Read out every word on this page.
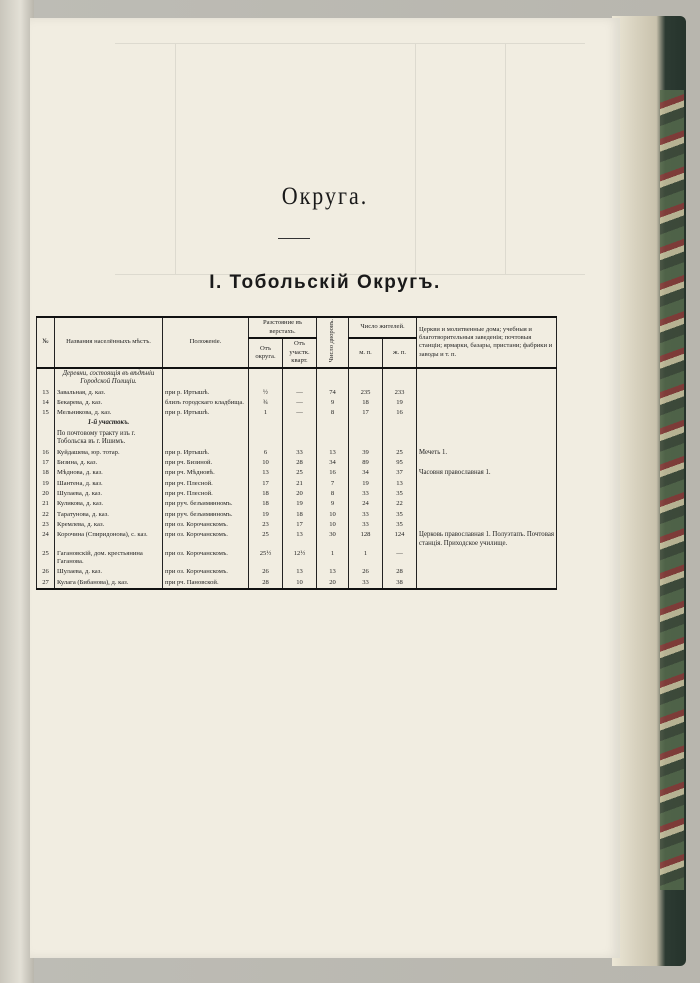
Округа.
I. Тобольскій Округъ.
№	Названия населённыхъ мѣстъ.	Положеніе.	Разстояние въ верстахъ.		Число дворовъ.	Число жителей.		Церкви и молитвенные дома; учебныя и благотворительныя заведенія; почтовыя станціи; ярмарки, базары, пристани; фабрики и заводы и т. п.
			Отъ округа.	Отъ участк. кварт.		м. п.	ж. п.	
	Деревни, состоящія въ вѣдѣніи Городской Полиціи.							
13	Завальная, д. каз.	при р. Иртышѣ.	½	—	74	235	233	
14	Бекарева, д. каз.	близъ городскаго кладбища.	¾	—	9	18	19	
15	Мельникова, д. каз.	при р. Иртышѣ.	1	—	8	17	16	
	1-й участокъ.							
	По почтовому тракту изъ г. Тобольска въ г. Ишимъ.							
16	Куйдашева, юр. тотар.	при р. Иртышѣ.	6	33	13	39	25	Мечеть 1.
17	Бизина, д. каз.	при рч. Бизиной.	10	28	34	89	95	
18	Мѣднова, д. каз.	при рч. Мѣдновѣ.	13	25	16	34	37	Часовня православная 1.
19	Шантена, д. каз.	при рч. Плесной.	17	21	7	19	13	
20	Шулаева, д. каз.	при рч. Плесной.	18	20	8	33	35	
21	Куликова, д. каз.	при руч. безъимянномъ.	18	19	9	24	22	
22	Таратунова, д. каз.	при руч. безъимянномъ.	19	18	10	33	35	
23	Кремлева, д. каз.	при оз. Корочанскомъ.	23	17	10	33	35	
24	Корочина (Спиридонова), с. каз.	при оз. Корочанскомъ.	25	13	30	128	124	Церковь православная 1. Полуэтапъ. Почтовая станція. Приходское училище.
25	Гагановскій, дом. крестьянина Гаганова.	при оз. Корочанскомъ.	25½	12½	1	1	—	
26	Шулаева, д. каз.	при оз. Корочанскомъ.	26	13	13	26	28	
27	Кулага (Бибанова), д. каз.	при рч. Пановской.	28	10	20	33	38	
